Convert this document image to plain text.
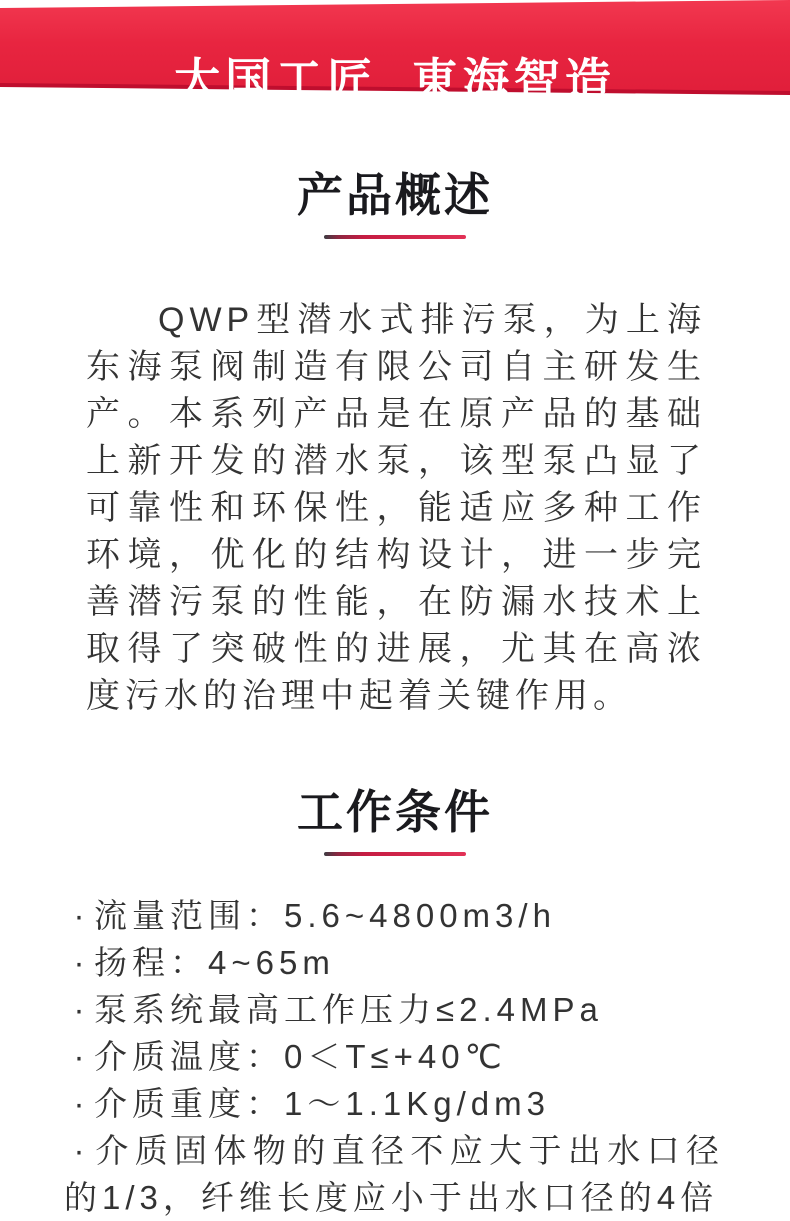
大国工匠 東海智造
产品概述

QWP型潜水式排污泵，为上海东海泵阀制造有限公司自主研发生产。本系列产品是在原产品的基础上新开发的潜水泵，该型泵凸显了可靠性和环保性，能适应多种工作环境，优化的结构设计，进一步完善潜污泵的性能，在防漏水技术上取得了突破性的进展，尤其在高浓度污水的治理中起着关键作用。

工作条件
· 流量范围：5.6~4800m3/h
· 扬程：4~65m
· 泵系统最高工作压力≤2.4MPa
· 介质温度：0＜T≤+40℃
· 介质重度：1～1.1Kg/dm3
· 介质固体物的直径不应大于出水口径的1/3，纤维长度应小于出水口径的4倍
